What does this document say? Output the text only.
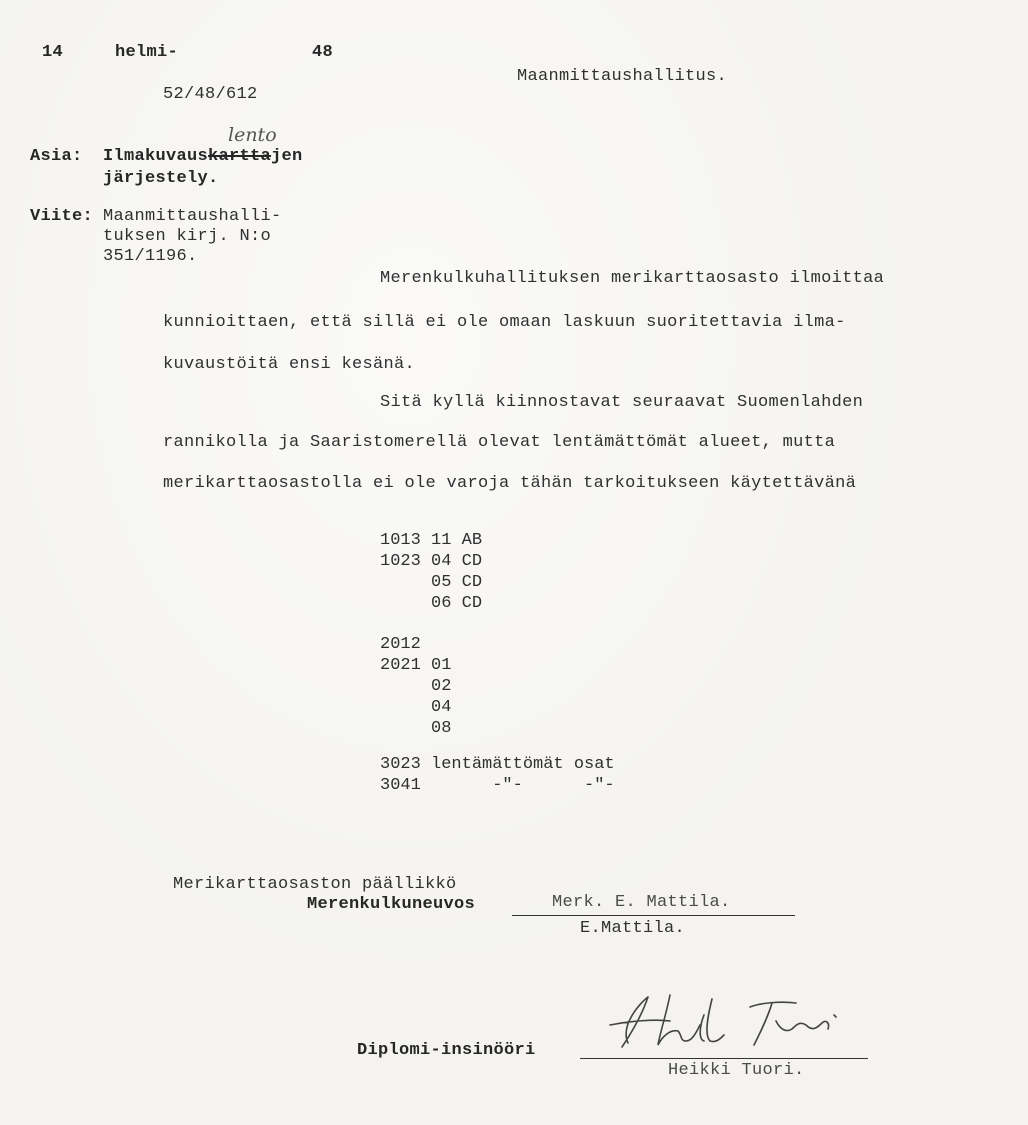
14	helmi-	48
52/48/612
Maanmittaushallitus.
Asia: Ilmakuvauskarttajen
lento
järjestely.
Viite: Maanmittaushalli-
tuksen kirj. N:o
351/1196.
Merenkulkuhallituksen merikarttaosasto ilmoittaa
kunnioittaen, että sillä ei ole omaan laskuun suoritettavia ilma-
kuvaustöitä ensi kesänä.
Sitä kyllä kiinnostavat seuraavat Suomenlahden
rannikolla ja Saaristomerellä olevat lentämättömät alueet, mutta
merikarttaosastolla ei ole varoja tähän tarkoitukseen käytettävänä
1013 11 AB
1023 04 CD
05 CD
06 CD
2012
2021 01
02
04
08
3023 lentämättömät osat
3041       -"-      -"-
Merikarttaosaston päällikkö
Merenkulkuneuvos	Merk. E. Mattila.
E.Mattila.
Diplomi-insinööri
Heikki Tuori.
